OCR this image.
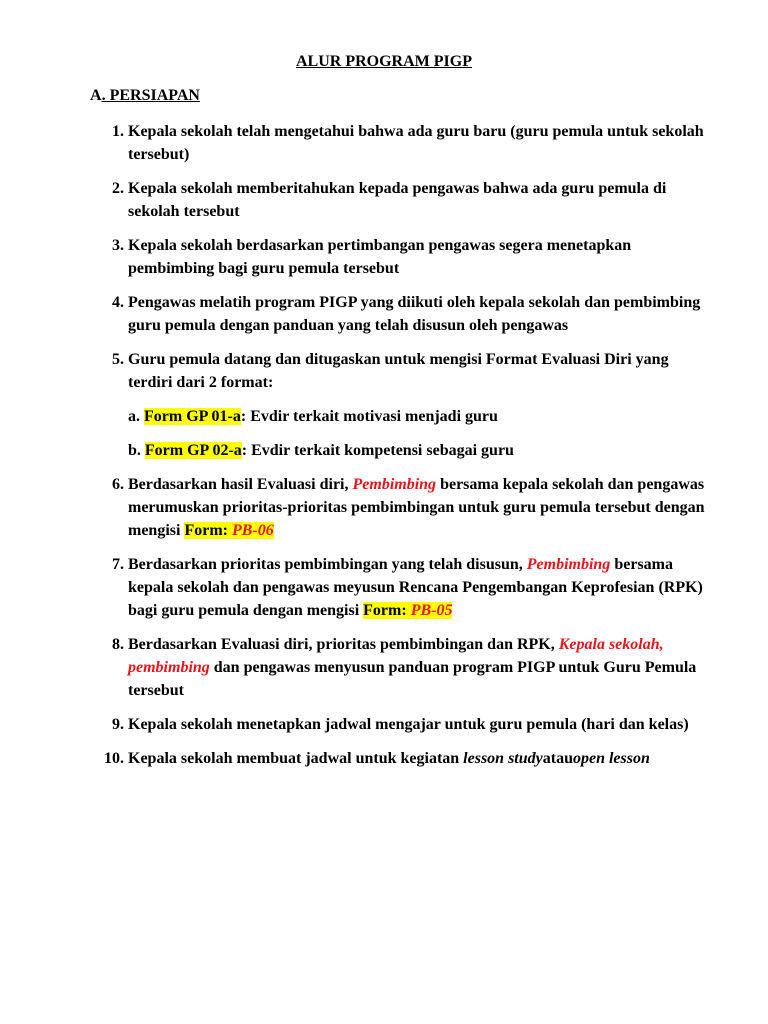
ALUR PROGRAM PIGP
A. PERSIAPAN
1. Kepala sekolah telah mengetahui bahwa ada guru baru (guru pemula untuk sekolah tersebut)
2. Kepala sekolah memberitahukan kepada pengawas bahwa ada guru pemula di sekolah tersebut
3. Kepala sekolah berdasarkan pertimbangan pengawas segera menetapkan pembimbing bagi guru pemula tersebut
4. Pengawas melatih program PIGP yang diikuti oleh kepala sekolah dan pembimbing guru pemula dengan panduan yang telah disusun oleh pengawas
5. Guru pemula datang dan ditugaskan untuk mengisi Format Evaluasi Diri yang terdiri dari 2 format:
a. Form GP 01-a: Evdir terkait motivasi menjadi guru
b. Form GP 02-a: Evdir terkait kompetensi sebagai guru
6. Berdasarkan hasil Evaluasi diri, Pembimbing bersama kepala sekolah dan pengawas merumuskan prioritas-prioritas pembimbingan untuk guru pemula tersebut dengan mengisi Form: PB-06
7. Berdasarkan prioritas pembimbingan yang telah disusun, Pembimbing bersama kepala sekolah dan pengawas meyusun Rencana Pengembangan Keprofesian (RPK) bagi guru pemula dengan mengisi Form: PB-05
8. Berdasarkan Evaluasi diri, prioritas pembimbingan dan RPK, Kepala sekolah, pembimbing dan pengawas menyusun panduan program PIGP untuk Guru Pemula tersebut
9. Kepala sekolah menetapkan jadwal mengajar untuk guru pemula (hari dan kelas)
10. Kepala sekolah membuat jadwal untuk kegiatan lesson studyatauopen lesson
